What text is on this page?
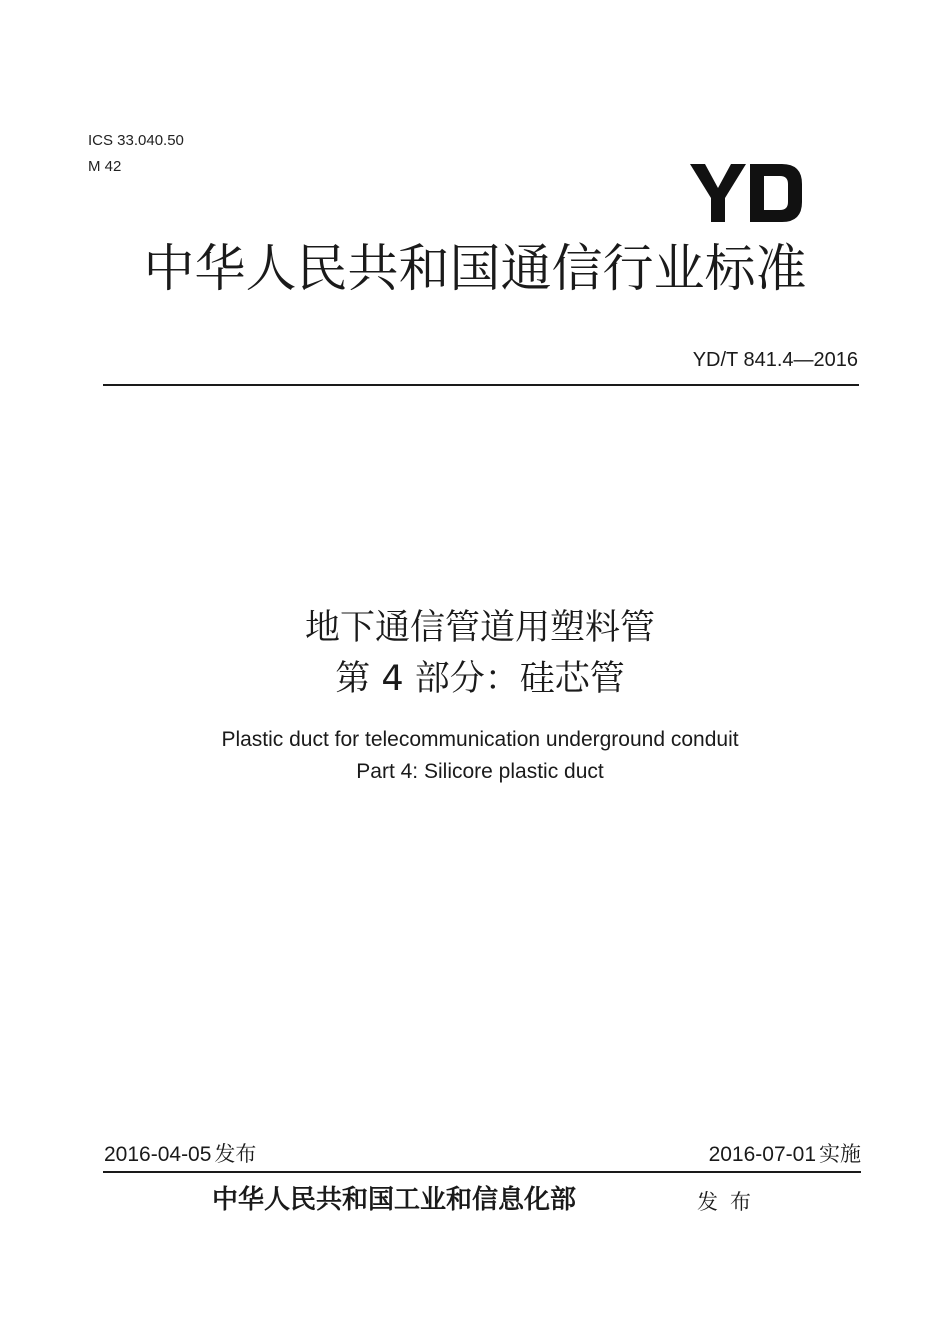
ICS 33.040.50
M 42
中华人民共和国通信行业标准
YD/T 841.4—2016
地下通信管道用塑料管
第 4 部分：硅芯管
Plastic duct for telecommunication underground conduit
Part 4: Silicore plastic duct
2016-04-05 发布	2016-07-01 实施
中华人民共和国工业和信息化部	发布
